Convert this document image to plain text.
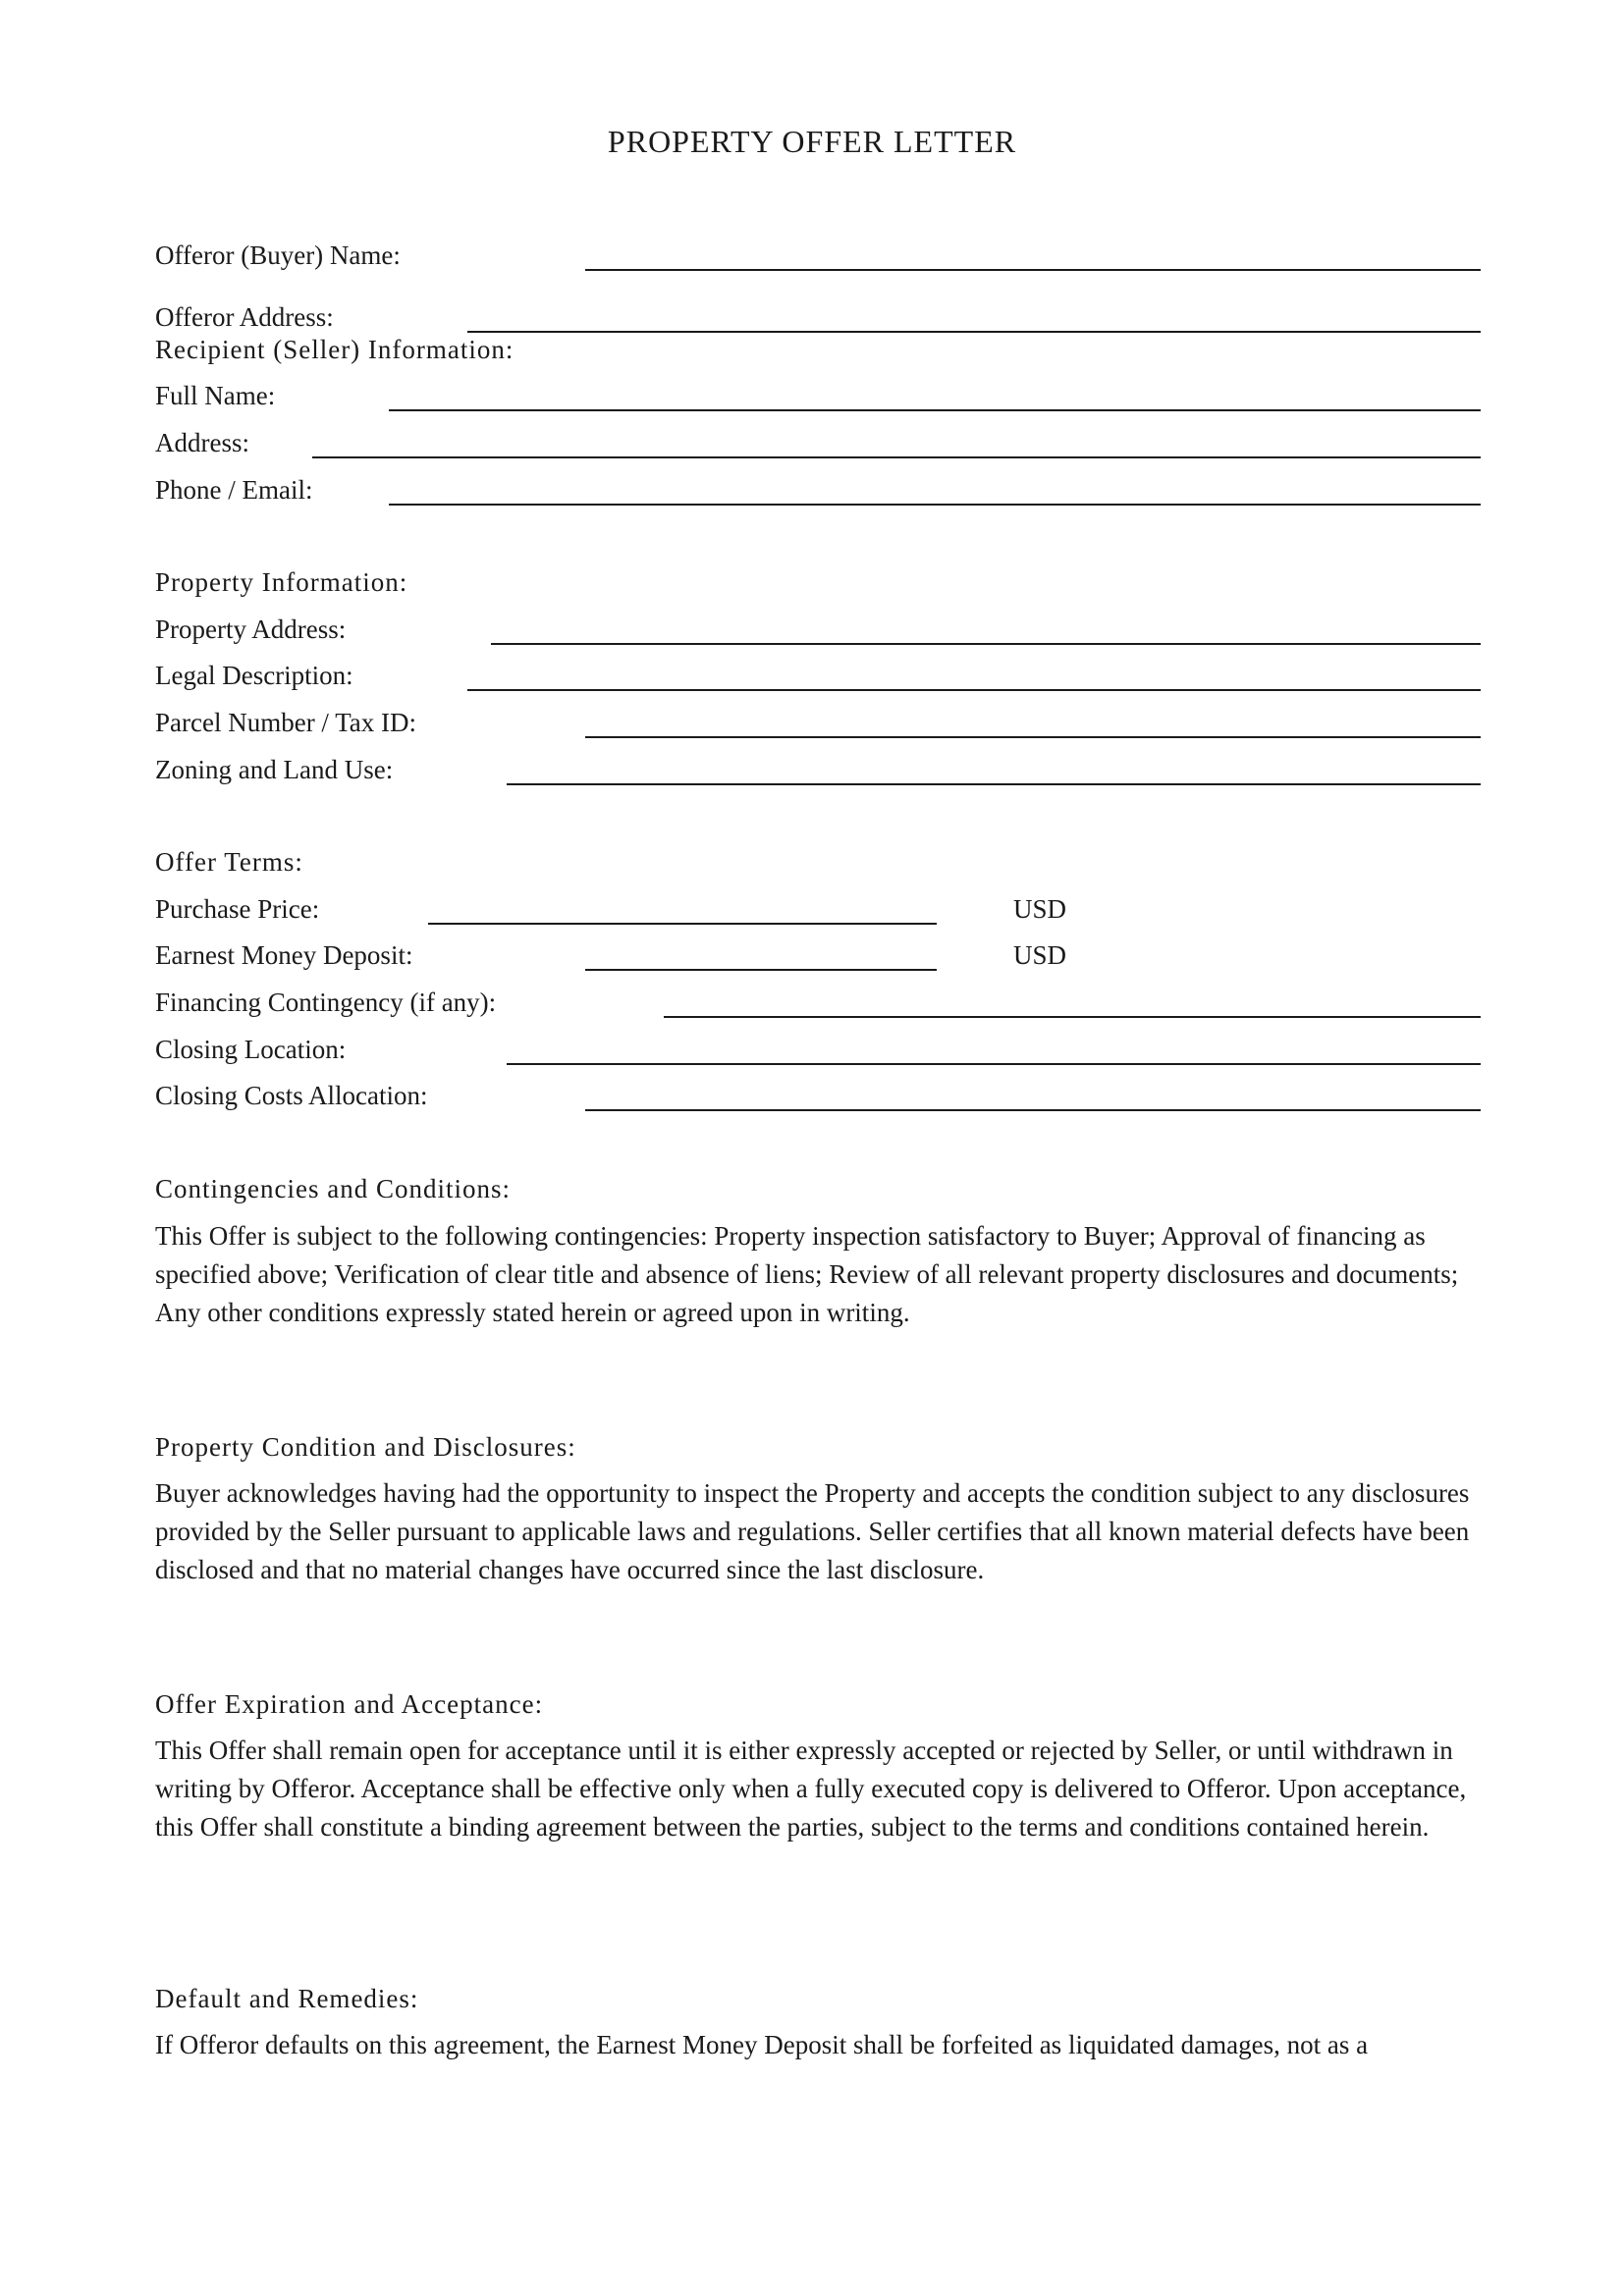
PROPERTY OFFER LETTER
Offeror (Buyer) Name:
Offeror Address:
Recipient (Seller) Information:
Full Name:
Address:
Phone / Email:
Property Information:
Property Address:
Legal Description:
Parcel Number / Tax ID:
Zoning and Land Use:
Offer Terms:
Purchase Price:	USD
Earnest Money Deposit:	USD
Financing Contingency (if any):
Closing Location:
Closing Costs Allocation:
Contingencies and Conditions:
This Offer is subject to the following contingencies: Property inspection satisfactory to Buyer; Approval of financing as specified above; Verification of clear title and absence of liens; Review of all relevant property disclosures and documents; Any other conditions expressly stated herein or agreed upon in writing.
Property Condition and Disclosures:
Buyer acknowledges having had the opportunity to inspect the Property and accepts the condition subject to any disclosures provided by the Seller pursuant to applicable laws and regulations. Seller certifies that all known material defects have been disclosed and that no material changes have occurred since the last disclosure.
Offer Expiration and Acceptance:
This Offer shall remain open for acceptance until it is either expressly accepted or rejected by Seller, or until withdrawn in writing by Offeror. Acceptance shall be effective only when a fully executed copy is delivered to Offeror. Upon acceptance, this Offer shall constitute a binding agreement between the parties, subject to the terms and conditions contained herein.
Default and Remedies:
If Offeror defaults on this agreement, the Earnest Money Deposit shall be forfeited as liquidated damages, not as a
